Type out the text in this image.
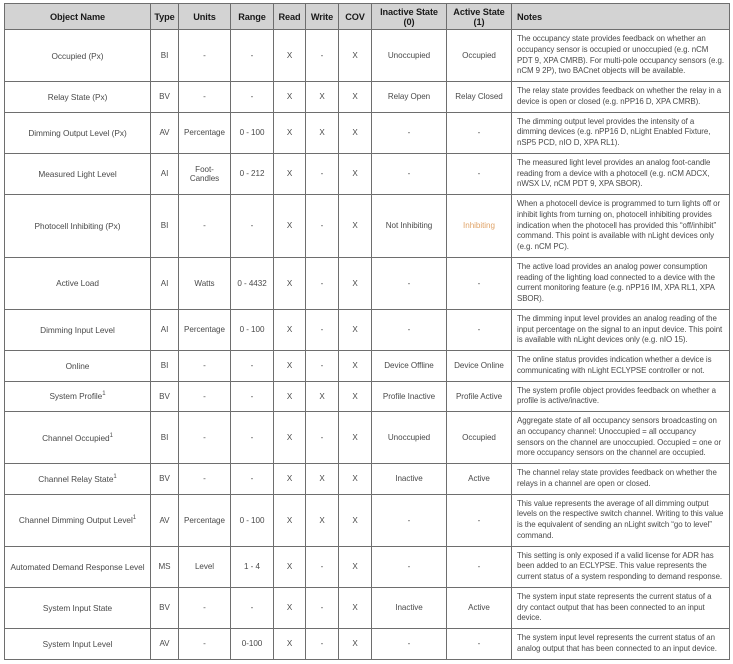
Object Name	Type	Units	Range	Read	Write	COV	Inactive State (0)	Active State (1)	Notes
Occupied (Px)	BI	-	-	X	-	X	Unoccupied	Occupied	The occupancy state provides feedback on whether an occupancy sensor is occupied or unoccupied (e.g. nCM PDT 9, XPA CMRB). For multi-pole occupancy sensors (e.g. nCM 9 2P), two BACnet objects will be available.
Relay State (Px)	BV	-	-	X	X	X	Relay Open	Relay Closed	The relay state provides feedback on whether the relay in a device is open or closed (e.g. nPP16 D, XPA CMRB).
Dimming Output Level (Px)	AV	Percentage	0 - 100	X	X	X	-	-	The dimming output level provides the intensity of a dimming devices (e.g. nPP16 D, nLight Enabled Fixture, nSP5 PCD, nIO D, XPA RL1).
Measured Light Level	AI	Foot-Candles	0 - 212	X	-	X	-	-	The measured light level provides an analog foot-candle reading from a device with a photocell (e.g. nCM ADCX, nWSX LV, nCM PDT 9, XPA SBOR).
Photocell Inhibiting (Px)	BI	-	-	X	-	X	Not Inhibiting	Inhibiting	When a photocell device is programmed to turn lights off or inhibit lights from turning on, photocell inhibiting provides indication when the photocell has provided this “off/inhibit” command. This point is available with nLight devices only (e.g. nCM PC).
Active Load	AI	Watts	0 - 4432	X	-	X	-	-	The active load provides an analog power consumption reading of the lighting load connected to a device with the current monitoring feature (e.g. nPP16 IM, XPA RL1, XPA SBOR).
Dimming Input Level	AI	Percentage	0 - 100	X	-	X	-	-	The dimming input level provides an analog reading of the input percentage on the signal to an input device. This point is available with nLight devices only (e.g. nIO 15).
Online	BI	-	-	X	-	X	Device Offline	Device Online	The online status provides indication whether a device is communicating with nLight ECLYPSE controller or not.
System Profile$^1$	BV	-	-	X	X	X	Profile Inactive	Profile Active	The system profile object provides feedback on whether a profile is active/inactive.
Channel Occupied$^1$	BI	-	-	X	-	X	Unoccupied	Occupied	Aggregate state of all occupancy sensors broadcasting on an occupancy channel: Unoccupied = all occupancy sensors on the channel are unoccupied. Occupied = one or more occupancy sensors on the channel are occupied.
Channel Relay State$^1$	BV	-	-	X	X	X	Inactive	Active	The channel relay state provides feedback on whether the relays in a channel are open or closed.
Channel Dimming Output Level$^1$	AV	Percentage	0 - 100	X	X	X	-	-	This value represents the average of all dimming output levels on the respective switch channel. Writing to this value is the equivalent of sending an nLight switch “go to level” command.
Automated Demand Response Level	MS	Level	1 - 4	X	-	X	-	-	This setting is only exposed if a valid license for ADR has been added to an ECLYPSE. This value represents the current status of a system responding to demand response.
System Input State	BV	-	-	X	-	X	Inactive	Active	The system input state represents the current status of a dry contact output that has been connected to an input device.
System Input Level	AV	-	0-100	X	-	X	-	-	The system input level represents the current status of an analog output that has been connected to an input device.
